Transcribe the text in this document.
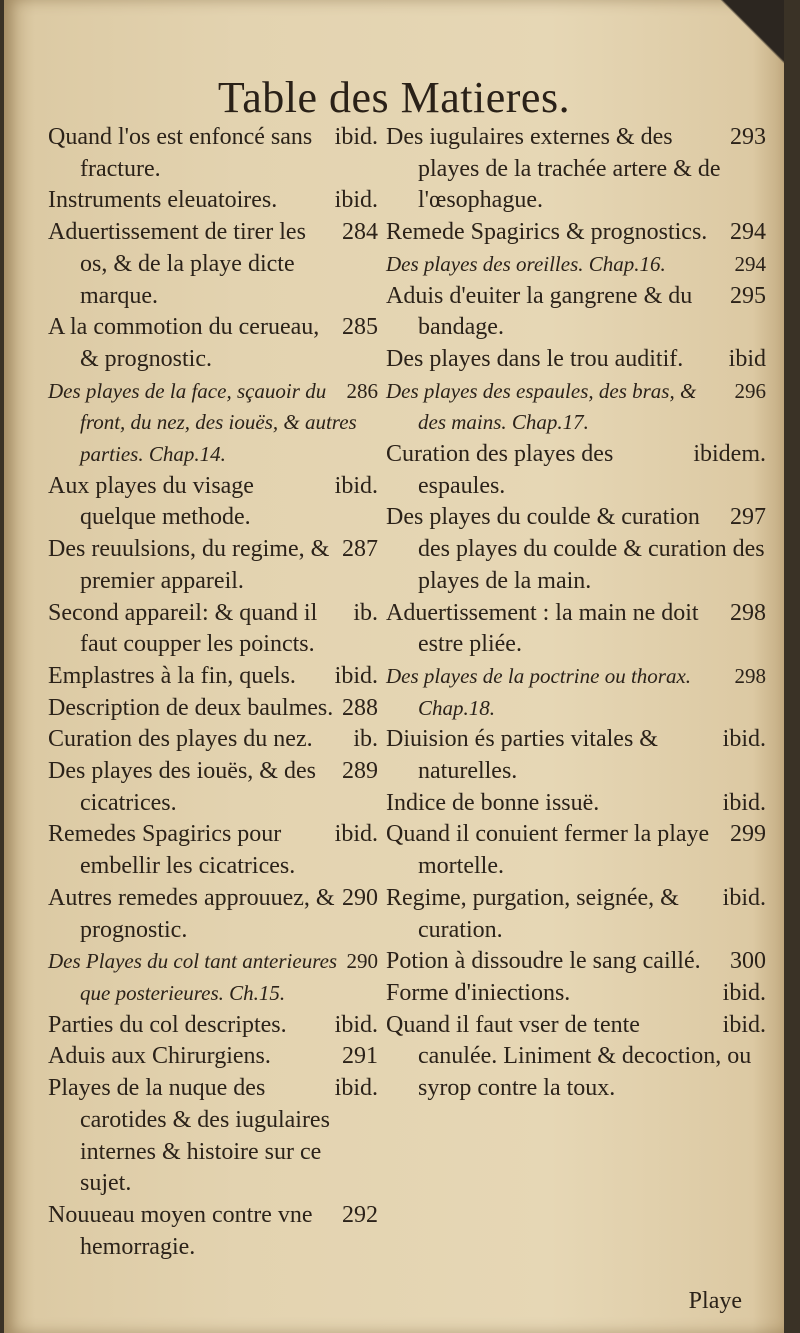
Table des Matieres.
ibid.
Quand l'os est enfoncé sans fracture.
ibid.
Instruments eleuatoires.
284
Aduertissement de tirer les os, & de la playe dicte marque.
285
A la commotion du cerueau, & prognostic.
286
Des playes de la face, sçauoir du front, du nez, des iouës, & autres parties. Chap.14.
ibid.
Aux playes du visage quelque methode.
287
Des reuulsions, du regime, & premier appareil.
ib.
Second appareil: & quand il faut coupper les poincts.
ibid.
Emplastres à la fin, quels.
288
Description de deux baulmes.
ib.
Curation des playes du nez.
289
Des playes des iouës, & des cicatrices.
ibid.
Remedes Spagirics pour embellir les cicatrices.
290
Autres remedes approuuez, & prognostic.
290
Des Playes du col tant anterieures que posterieures. Ch.15.
ibid.
Parties du col descriptes.
291
Aduis aux Chirurgiens.
ibid.
Playes de la nuque des carotides & des iugulaires internes & histoire sur ce sujet.
292
Nouueau moyen contre vne hemorragie.
293
Des iugulaires externes & des playes de la trachée artere & de l'œsophague.
294
Remede Spagirics & prognostics.
294
Des playes des oreilles. Chap.16.
295
Aduis d'euiter la gangrene & du bandage.
ibid
Des playes dans le trou auditif.
296
Des playes des espaules, des bras, & des mains. Chap.17.
ibidem.
Curation des playes des espaules.
297
Des playes du coulde & curation des playes du coulde & curation des playes de la main.
298
Aduertissement : la main ne doit estre pliée.
298
Des playes de la poctrine ou thorax. Chap.18.
ibid.
Diuision és parties vitales & naturelles.
ibid.
Indice de bonne issuë.
299
Quand il conuient fermer la playe mortelle.
ibid.
Regime, purgation, seignée, & curation.
300
Potion à dissoudre le sang caillé.
ibid.
Forme d'iniections.
ibid.
Quand il faut vser de tente canulée. Liniment & decoction, ou syrop contre la toux.
Playe
